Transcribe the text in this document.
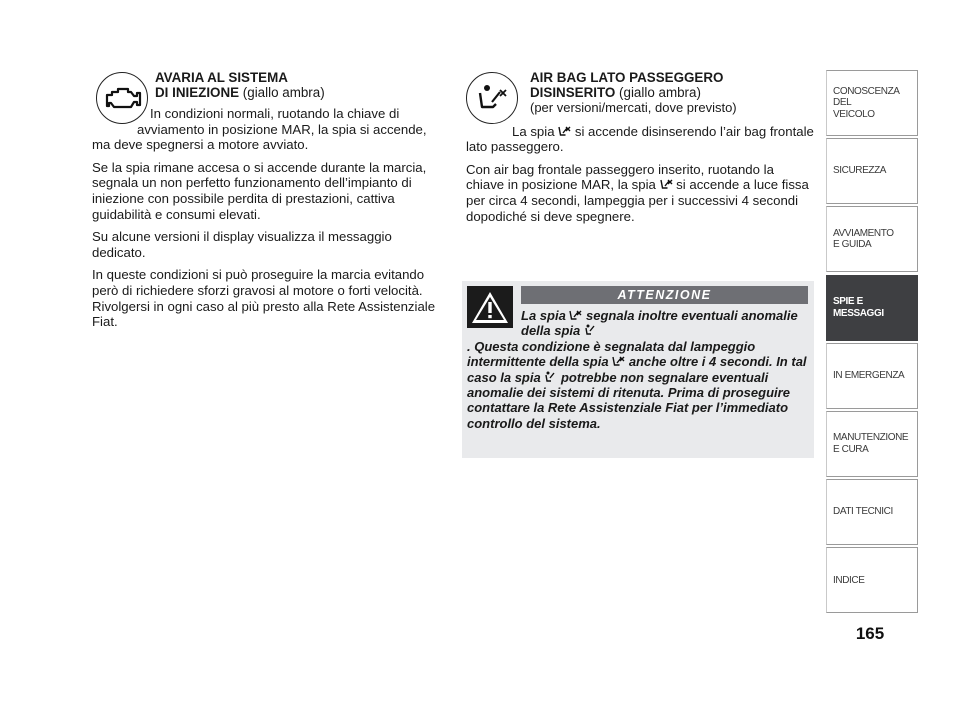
AVARIA AL SISTEMA
DI INIEZIONE (giallo ambra)

In condizioni normali, ruotando la chiave di
avviamento in posizione MAR, la spia si accende, ma deve spegnersi a motore avviato.

Se la spia rimane accesa o si accende durante la marcia, segnala un non perfetto funzionamento dell’impianto di iniezione con possibile perdita di prestazioni, cattiva guidabilità e consumi elevati.

Su alcune versioni il display visualizza il messaggio dedicato.

In queste condizioni si può proseguire la marcia evitando però di richiedere sforzi gravosi al motore o forti velocità. Rivolgersi in ogni caso al più presto alla Rete Assistenziale Fiat.

AIR BAG LATO PASSEGGERO
DISINSERITO (giallo ambra)
(per versioni/mercati, dove previsto)

La spia  si accende disinserendo l’air bag frontale lato passeggero.

Con air bag frontale passeggero inserito, ruotando la chiave in posizione MAR, la spia  si accende a luce fissa per circa 4 secondi, lampeggia per i successivi 4 secondi dopodiché si deve spegnere.

ATTENZIONE
La spia  segnala inoltre eventuali anomalie della spia
. Questa condizione è segnalata dal lampeggio intermittente della spia  anche oltre i 4 secondi. In tal caso la spia  potrebbe non segnalare eventuali anomalie dei sistemi di ritenuta. Prima di proseguire contattare la Rete Assistenziale Fiat per l’immediato controllo del sistema.
CONOSCENZA
DEL
VEICOLO
SICUREZZA
AVVIAMENTO
E GUIDA
SPIE E
MESSAGGI
IN EMERGENZA
MANUTENZIONE
E CURA
DATI TECNICI
INDICE
165
